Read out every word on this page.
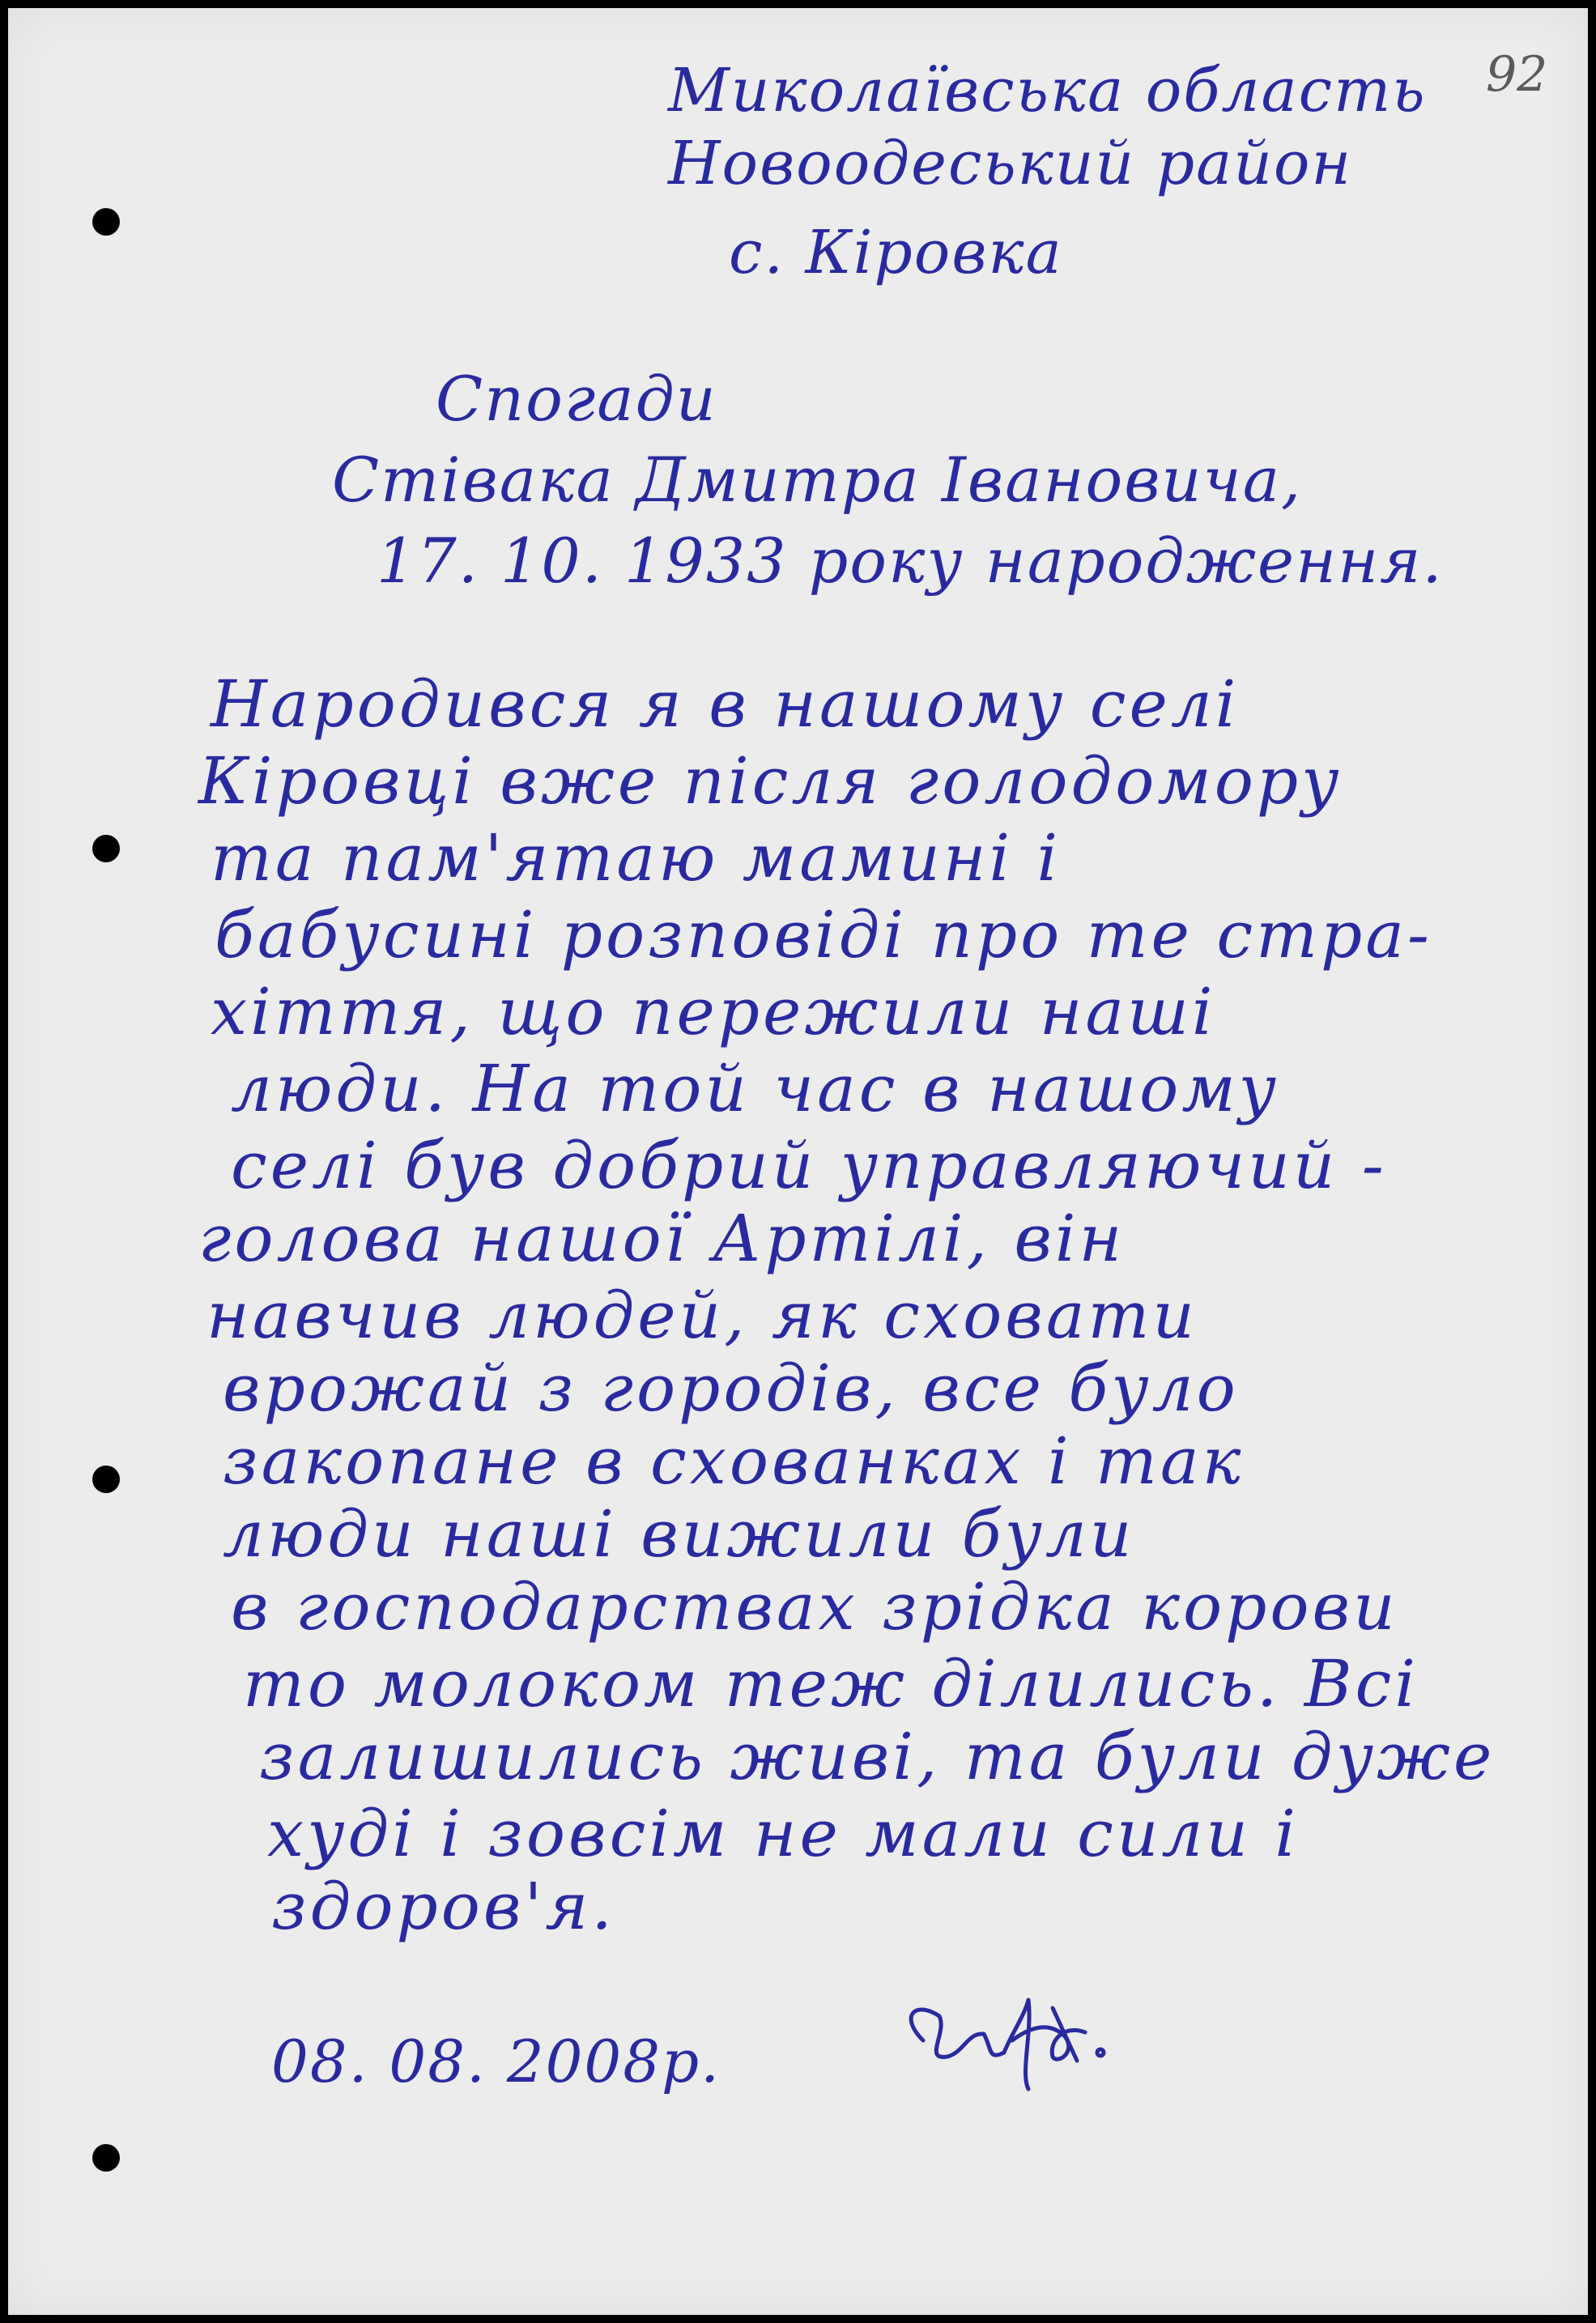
92
Миколаївська область
Новоодеський район
с. Кіровка
Спогади
Стівака Дмитра Івановича,
17. 10. 1933 року народження.
Народився я в нашому селі
Кіровці вже після голодомору
та пам'ятаю мамині і
бабусині розповіді про те стра-
хіття, що пережили наші
люди. На той час в нашому
селі був добрий управляючий -
голова нашої Артілі, він
навчив людей, як сховати
врожай з городів, все було
закопане в схованках і так
люди наші вижили були
в господарствах зрідка корови
то молоком теж ділились. Всі
залишились живі, та були дуже
худі і зовсім не мали сили і
здоров'я.
08. 08. 2008р.
